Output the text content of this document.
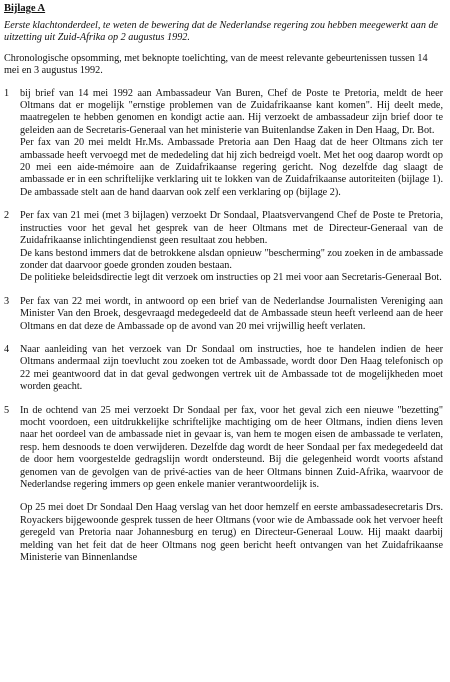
Bijlage A
Eerste klachtonderdeel, te weten de bewering dat de Nederlandse regering zou hebben meegewerkt aan de uitzetting uit Zuid-Afrika op 2 augustus 1992.
Chronologische opsomming, met beknopte toelichting, van de meest relevante gebeurtenissen tussen 14 mei en 3 augustus 1992.
1	bij brief van 14 mei 1992 aan Ambassadeur Van Buren, Chef de Poste te Pretoria, meldt de heer Oltmans dat er mogelijk "ernstige problemen van de Zuidafrikaanse kant komen". Hij deelt mede, maatregelen te hebben genomen en kondigt actie aan. Hij verzoekt de ambassadeur zijn brief door te geleiden aan de Secretaris-Generaal van het ministerie van Buitenlandse Zaken in Den Haag, Dr. Bot.
Per fax van 20 mei meldt Hr.Ms. Ambassade Pretoria aan Den Haag dat de heer Oltmans zich ter ambassade heeft vervoegd met de mededeling dat hij zich bedreigd voelt. Met het oog daarop wordt op 20 mei een aide-mémoire aan de Zuidafrikaanse regering gericht. Nog dezelfde dag slaagt de ambassade er in een schriftelijke verklaring uit te lokken van de Zuidafrikaanse autoriteiten (bijlage 1). De ambassade stelt aan de hand daarvan ook zelf een verklaring op (bijlage 2).
2	Per fax van 21 mei (met 3 bijlagen) verzoekt Dr Sondaal, Plaatsvervangend Chef de Poste te Pretoria, instructies voor het geval het gesprek van de heer Oltmans met de Directeur-Generaal van de Zuidafrikaanse inlichtingendienst geen resultaat zou hebben.
De kans bestond immers dat de betrokkene alsdan opnieuw "bescherming" zou zoeken in de ambassade zonder dat daarvoor goede gronden zouden bestaan.
De politieke beleidsdirectie legt dit verzoek om instructies op 21 mei voor aan Secretaris-Generaal Bot.
3	Per fax van 22 mei wordt, in antwoord op een brief van de Nederlandse Journalisten Vereniging aan Minister Van den Broek, desgevraagd medegedeeld dat de Ambassade steun heeft verleend aan de heer Oltmans en dat deze de Ambassade op de avond van 20 mei vrijwillig heeft verlaten.
4	Naar aanleiding van het verzoek van Dr Sondaal om instructies, hoe te handelen indien de heer Oltmans andermaal zijn toevlucht zou zoeken tot de Ambassade, wordt door Den Haag telefonisch op 22 mei geantwoord dat in dat geval gedwongen vertrek uit de Ambassade tot de mogelijkheden moet worden geacht.
5	In de ochtend van 25 mei verzoekt Dr Sondaal per fax, voor het geval zich een nieuwe "bezetting" mocht voordoen, een uitdrukkelijke schriftelijke machtiging om de heer Oltmans, indien diens leven naar het oordeel van de ambassade niet in gevaar is, van hem te mogen eisen de ambassade te verlaten, resp. hem desnoods te doen verwijderen. Dezelfde dag wordt de heer Sondaal per fax medegedeeld dat de door hem voorgestelde gedragslijn wordt ondersteund. Bij die gelegenheid wordt voorts afstand genomen van de gevolgen van de privé-acties van de heer Oltmans binnen Zuid-Afrika, waarvoor de Nederlandse regering immers op geen enkele manier verantwoordelijk is.
Op 25 mei doet Dr Sondaal Den Haag verslag van het door hemzelf en eerste ambassadesecretaris Drs. Royackers bijgewoonde gesprek tussen de heer Oltmans (voor wie de Ambassade ook het vervoer heeft geregeld van Pretoria naar Johannesburg en terug) en Directeur-Generaal Louw. Hij maakt daarbij melding van het feit dat de heer Oltmans nog geen bericht heeft ontvangen van het Zuidafrikaanse Ministerie van Binnenlandse
